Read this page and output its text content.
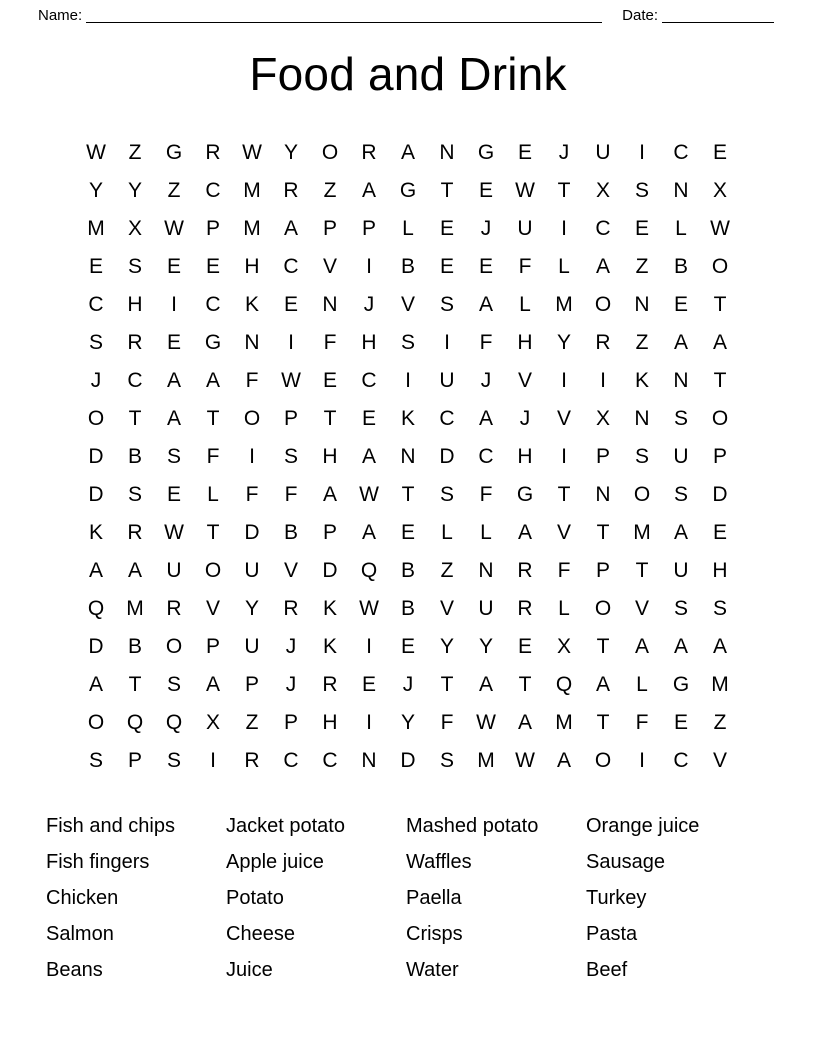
Name:	Date:
Food and Drink
W	Z	G	R	W	Y	O	R	A	N	G	E	J	U	I	C	E
Y	Y	Z	C	M	R	Z	A	G	T	E	W	T	X	S	N	X
M	X	W	P	M	A	P	P	L	E	J	U	I	C	E	L	W
E	S	E	E	H	C	V	I	B	E	E	F	L	A	Z	B	O
C	H	I	C	K	E	N	J	V	S	A	L	M	O	N	E	T
S	R	E	G	N	I	F	H	S	I	F	H	Y	R	Z	A	A
J	C	A	A	F	W	E	C	I	U	J	V	I	I	K	N	T
O	T	A	T	O	P	T	E	K	C	A	J	V	X	N	S	O
D	B	S	F	I	S	H	A	N	D	C	H	I	P	S	U	P
D	S	E	L	F	F	A	W	T	S	F	G	T	N	O	S	D
K	R	W	T	D	B	P	A	E	L	L	A	V	T	M	A	E
A	A	U	O	U	V	D	Q	B	Z	N	R	F	P	T	U	H
Q	M	R	V	Y	R	K	W	B	V	U	R	L	O	V	S	S
D	B	O	P	U	J	K	I	E	Y	Y	E	X	T	A	A	A
A	T	S	A	P	J	R	E	J	T	A	T	Q	A	L	G	M
O	Q	Q	X	Z	P	H	I	Y	F	W	A	M	T	F	E	Z
S	P	S	I	R	C	C	N	D	S	M W	A	O	I	C	V
Fish and chips
Fish fingers
Chicken
Salmon
Beans
Jacket potato
Apple juice
Potato
Cheese
Juice
Mashed potato
Waffles
Paella
Crisps
Water
Orange juice
Sausage
Turkey
Pasta
Beef
